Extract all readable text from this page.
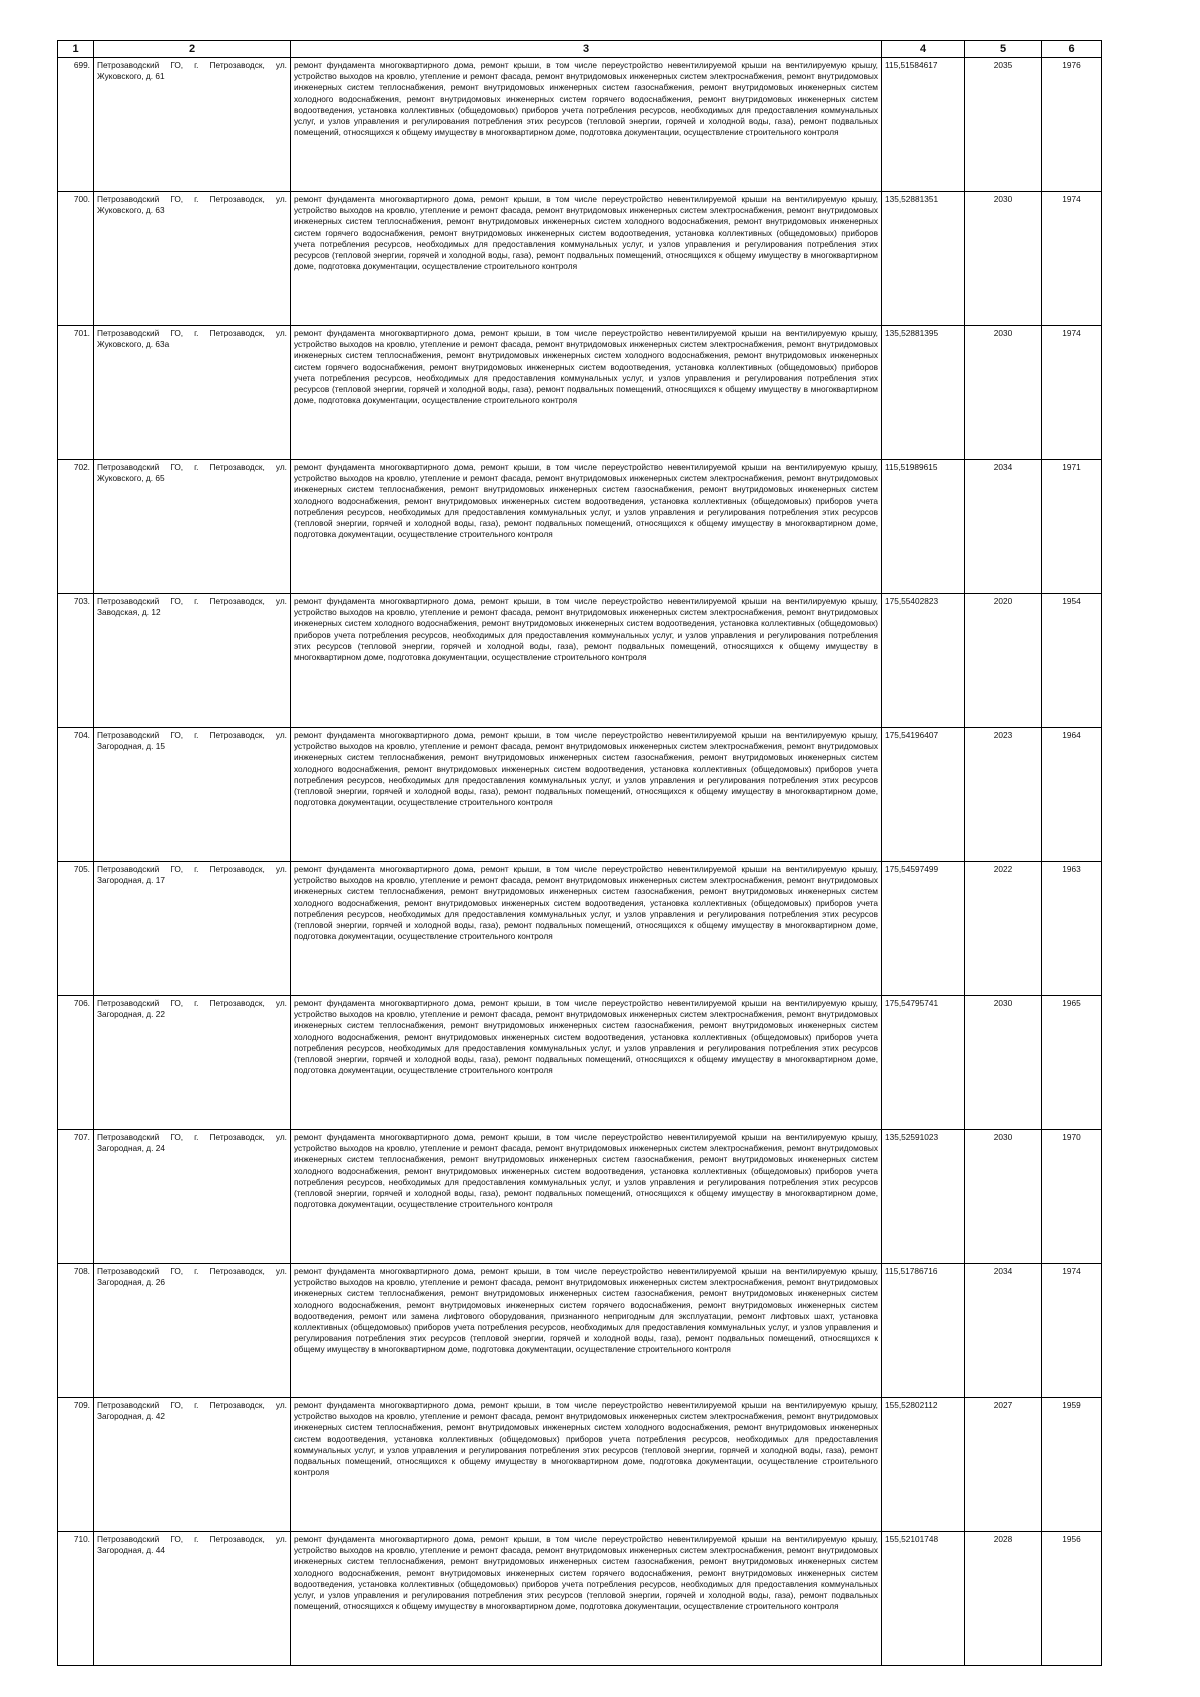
1	2	3	4	5	6
699.	Петрозаводский ГО, г. Петрозаводск, ул. Жуковского, д. 61	ремонт фундамента многоквартирного дома, ремонт крыши, в том числе переустройство невентилируемой крыши на вентилируемую крышу, устройство выходов на кровлю, утепление и ремонт фасада, ремонт внутридомовых инженерных систем электроснабжения, ремонт внутридомовых инженерных систем теплоснабжения, ремонт внутридомовых инженерных систем газоснабжения, ремонт внутридомовых инженерных систем холодного водоснабжения, ремонт внутридомовых инженерных систем горячего водоснабжения, ремонт внутридомовых инженерных систем водоотведения, установка коллективных (общедомовых) приборов учета потребления ресурсов, необходимых для предоставления коммунальных услуг, и узлов управления и регулирования потребления этих ресурсов (тепловой энергии, горячей и холодной воды, газа), ремонт подвальных помещений, относящихся к общему имуществу в многоквартирном доме, подготовка документации, осуществление строительного контроля	115,51584617	2035	1976
700.	Петрозаводский ГО, г. Петрозаводск, ул. Жуковского, д. 63	ремонт фундамента многоквартирного дома, ремонт крыши, в том числе переустройство невентилируемой крыши на вентилируемую крышу, устройство выходов на кровлю, утепление и ремонт фасада, ремонт внутридомовых инженерных систем электроснабжения, ремонт внутридомовых инженерных систем теплоснабжения, ремонт внутридомовых инженерных систем холодного водоснабжения, ремонт внутридомовых инженерных систем горячего водоснабжения, ремонт внутридомовых инженерных систем водоотведения, установка коллективных (общедомовых) приборов учета потребления ресурсов, необходимых для предоставления коммунальных услуг, и узлов управления и регулирования потребления этих ресурсов (тепловой энергии, горячей и холодной воды, газа), ремонт подвальных помещений, относящихся к общему имуществу в многоквартирном доме, подготовка документации, осуществление строительного контроля	135,52881351	2030	1974
701.	Петрозаводский ГО, г. Петрозаводск, ул. Жуковского, д. 63а	ремонт фундамента многоквартирного дома, ремонт крыши, в том числе переустройство невентилируемой крыши на вентилируемую крышу, устройство выходов на кровлю, утепление и ремонт фасада, ремонт внутридомовых инженерных систем электроснабжения, ремонт внутридомовых инженерных систем теплоснабжения, ремонт внутридомовых инженерных систем холодного водоснабжения, ремонт внутридомовых инженерных систем горячего водоснабжения, ремонт внутридомовых инженерных систем водоотведения, установка коллективных (общедомовых) приборов учета потребления ресурсов, необходимых для предоставления коммунальных услуг, и узлов управления и регулирования потребления этих ресурсов (тепловой энергии, горячей и холодной воды, газа), ремонт подвальных помещений, относящихся к общему имуществу в многоквартирном доме, подготовка документации, осуществление строительного контроля	135,52881395	2030	1974
702.	Петрозаводский ГО, г. Петрозаводск, ул. Жуковского, д. 65	ремонт фундамента многоквартирного дома, ремонт крыши, в том числе переустройство невентилируемой крыши на вентилируемую крышу, устройство выходов на кровлю, утепление и ремонт фасада, ремонт внутридомовых инженерных систем электроснабжения, ремонт внутридомовых инженерных систем теплоснабжения, ремонт внутридомовых инженерных систем газоснабжения, ремонт внутридомовых инженерных систем холодного водоснабжения, ремонт внутридомовых инженерных систем водоотведения, установка коллективных (общедомовых) приборов учета потребления ресурсов, необходимых для предоставления коммунальных услуг, и узлов управления и регулирования потребления этих ресурсов (тепловой энергии, горячей и холодной воды, газа), ремонт подвальных помещений, относящихся к общему имуществу в многоквартирном доме, подготовка документации, осуществление строительного контроля	115,51989615	2034	1971
703.	Петрозаводский ГО, г. Петрозаводск, ул. Заводская, д. 12	ремонт фундамента многоквартирного дома, ремонт крыши, в том числе переустройство невентилируемой крыши на вентилируемую крышу, устройство выходов на кровлю, утепление и ремонт фасада, ремонт внутридомовых инженерных систем электроснабжения, ремонт внутридомовых инженерных систем холодного водоснабжения, ремонт внутридомовых инженерных систем водоотведения, установка коллективных (общедомовых) приборов учета потребления ресурсов, необходимых для предоставления коммунальных услуг, и узлов управления и регулирования потребления этих ресурсов (тепловой энергии, горячей и холодной воды, газа), ремонт подвальных помещений, относящихся к общему имуществу в многоквартирном доме, подготовка документации, осуществление строительного контроля	175,55402823	2020	1954
704.	Петрозаводский ГО, г. Петрозаводск, ул. Загородная, д. 15	ремонт фундамента многоквартирного дома, ремонт крыши, в том числе переустройство невентилируемой крыши на вентилируемую крышу, устройство выходов на кровлю, утепление и ремонт фасада, ремонт внутридомовых инженерных систем электроснабжения, ремонт внутридомовых инженерных систем теплоснабжения, ремонт внутридомовых инженерных систем газоснабжения, ремонт внутридомовых инженерных систем холодного водоснабжения, ремонт внутридомовых инженерных систем водоотведения, установка коллективных (общедомовых) приборов учета потребления ресурсов, необходимых для предоставления коммунальных услуг, и узлов управления и регулирования потребления этих ресурсов (тепловой энергии, горячей и холодной воды, газа), ремонт подвальных помещений, относящихся к общему имуществу в многоквартирном доме, подготовка документации, осуществление строительного контроля	175,54196407	2023	1964
705.	Петрозаводский ГО, г. Петрозаводск, ул. Загородная, д. 17	ремонт фундамента многоквартирного дома, ремонт крыши, в том числе переустройство невентилируемой крыши на вентилируемую крышу, устройство выходов на кровлю, утепление и ремонт фасада, ремонт внутридомовых инженерных систем электроснабжения, ремонт внутридомовых инженерных систем теплоснабжения, ремонт внутридомовых инженерных систем газоснабжения, ремонт внутридомовых инженерных систем холодного водоснабжения, ремонт внутридомовых инженерных систем водоотведения, установка коллективных (общедомовых) приборов учета потребления ресурсов, необходимых для предоставления коммунальных услуг, и узлов управления и регулирования потребления этих ресурсов (тепловой энергии, горячей и холодной воды, газа), ремонт подвальных помещений, относящихся к общему имуществу в многоквартирном доме, подготовка документации, осуществление строительного контроля	175,54597499	2022	1963
706.	Петрозаводский ГО, г. Петрозаводск, ул. Загородная, д. 22	ремонт фундамента многоквартирного дома, ремонт крыши, в том числе переустройство невентилируемой крыши на вентилируемую крышу, устройство выходов на кровлю, утепление и ремонт фасада, ремонт внутридомовых инженерных систем электроснабжения, ремонт внутридомовых инженерных систем теплоснабжения, ремонт внутридомовых инженерных систем газоснабжения, ремонт внутридомовых инженерных систем холодного водоснабжения, ремонт внутридомовых инженерных систем водоотведения, установка коллективных (общедомовых) приборов учета потребления ресурсов, необходимых для предоставления коммунальных услуг, и узлов управления и регулирования потребления этих ресурсов (тепловой энергии, горячей и холодной воды, газа), ремонт подвальных помещений, относящихся к общему имуществу в многоквартирном доме, подготовка документации, осуществление строительного контроля	175,54795741	2030	1965
707.	Петрозаводский ГО, г. Петрозаводск, ул. Загородная, д. 24	ремонт фундамента многоквартирного дома, ремонт крыши, в том числе переустройство невентилируемой крыши на вентилируемую крышу, устройство выходов на кровлю, утепление и ремонт фасада, ремонт внутридомовых инженерных систем электроснабжения, ремонт внутридомовых инженерных систем теплоснабжения, ремонт внутридомовых инженерных систем газоснабжения, ремонт внутридомовых инженерных систем холодного водоснабжения, ремонт внутридомовых инженерных систем водоотведения, установка коллективных (общедомовых) приборов учета потребления ресурсов, необходимых для предоставления коммунальных услуг, и узлов управления и регулирования потребления этих ресурсов (тепловой энергии, горячей и холодной воды, газа), ремонт подвальных помещений, относящихся к общему имуществу в многоквартирном доме, подготовка документации, осуществление строительного контроля	135,52591023	2030	1970
708.	Петрозаводский ГО, г. Петрозаводск, ул. Загородная, д. 26	ремонт фундамента многоквартирного дома, ремонт крыши, в том числе переустройство невентилируемой крыши на вентилируемую крышу, устройство выходов на кровлю, утепление и ремонт фасада, ремонт внутридомовых инженерных систем электроснабжения, ремонт внутридомовых инженерных систем теплоснабжения, ремонт внутридомовых инженерных систем газоснабжения, ремонт внутридомовых инженерных систем холодного водоснабжения, ремонт внутридомовых инженерных систем горячего водоснабжения, ремонт внутридомовых инженерных систем водоотведения, ремонт или замена лифтового оборудования, признанного непригодным для эксплуатации, ремонт лифтовых шахт, установка коллективных (общедомовых) приборов учета потребления ресурсов, необходимых для предоставления коммунальных услуг, и узлов управления и регулирования потребления этих ресурсов (тепловой энергии, горячей и холодной воды, газа), ремонт подвальных помещений, относящихся к общему имуществу в многоквартирном доме, подготовка документации, осуществление строительного контроля	115,51786716	2034	1974
709.	Петрозаводский ГО, г. Петрозаводск, ул. Загородная, д. 42	ремонт фундамента многоквартирного дома, ремонт крыши, в том числе переустройство невентилируемой крыши на вентилируемую крышу, устройство выходов на кровлю, утепление и ремонт фасада, ремонт внутридомовых инженерных систем электроснабжения, ремонт внутридомовых инженерных систем теплоснабжения, ремонт внутридомовых инженерных систем холодного водоснабжения, ремонт внутридомовых инженерных систем водоотведения, установка коллективных (общедомовых) приборов учета потребления ресурсов, необходимых для предоставления коммунальных услуг, и узлов управления и регулирования потребления этих ресурсов (тепловой энергии, горячей и холодной воды, газа), ремонт подвальных помещений, относящихся к общему имуществу в многоквартирном доме, подготовка документации, осуществление строительного контроля	155,52802112	2027	1959
710.	Петрозаводский ГО, г. Петрозаводск, ул. Загородная, д. 44	ремонт фундамента многоквартирного дома, ремонт крыши, в том числе переустройство невентилируемой крыши на вентилируемую крышу, устройство выходов на кровлю, утепление и ремонт фасада, ремонт внутридомовых инженерных систем электроснабжения, ремонт внутридомовых инженерных систем теплоснабжения, ремонт внутридомовых инженерных систем газоснабжения, ремонт внутридомовых инженерных систем холодного водоснабжения, ремонт внутридомовых инженерных систем горячего водоснабжения, ремонт внутридомовых инженерных систем водоотведения, установка коллективных (общедомовых) приборов учета потребления ресурсов, необходимых для предоставления коммунальных услуг, и узлов управления и регулирования потребления этих ресурсов (тепловой энергии, горячей и холодной воды, газа), ремонт подвальных помещений, относящихся к общему имуществу в многоквартирном доме, подготовка документации, осуществление строительного контроля	155,52101748	2028	1956
